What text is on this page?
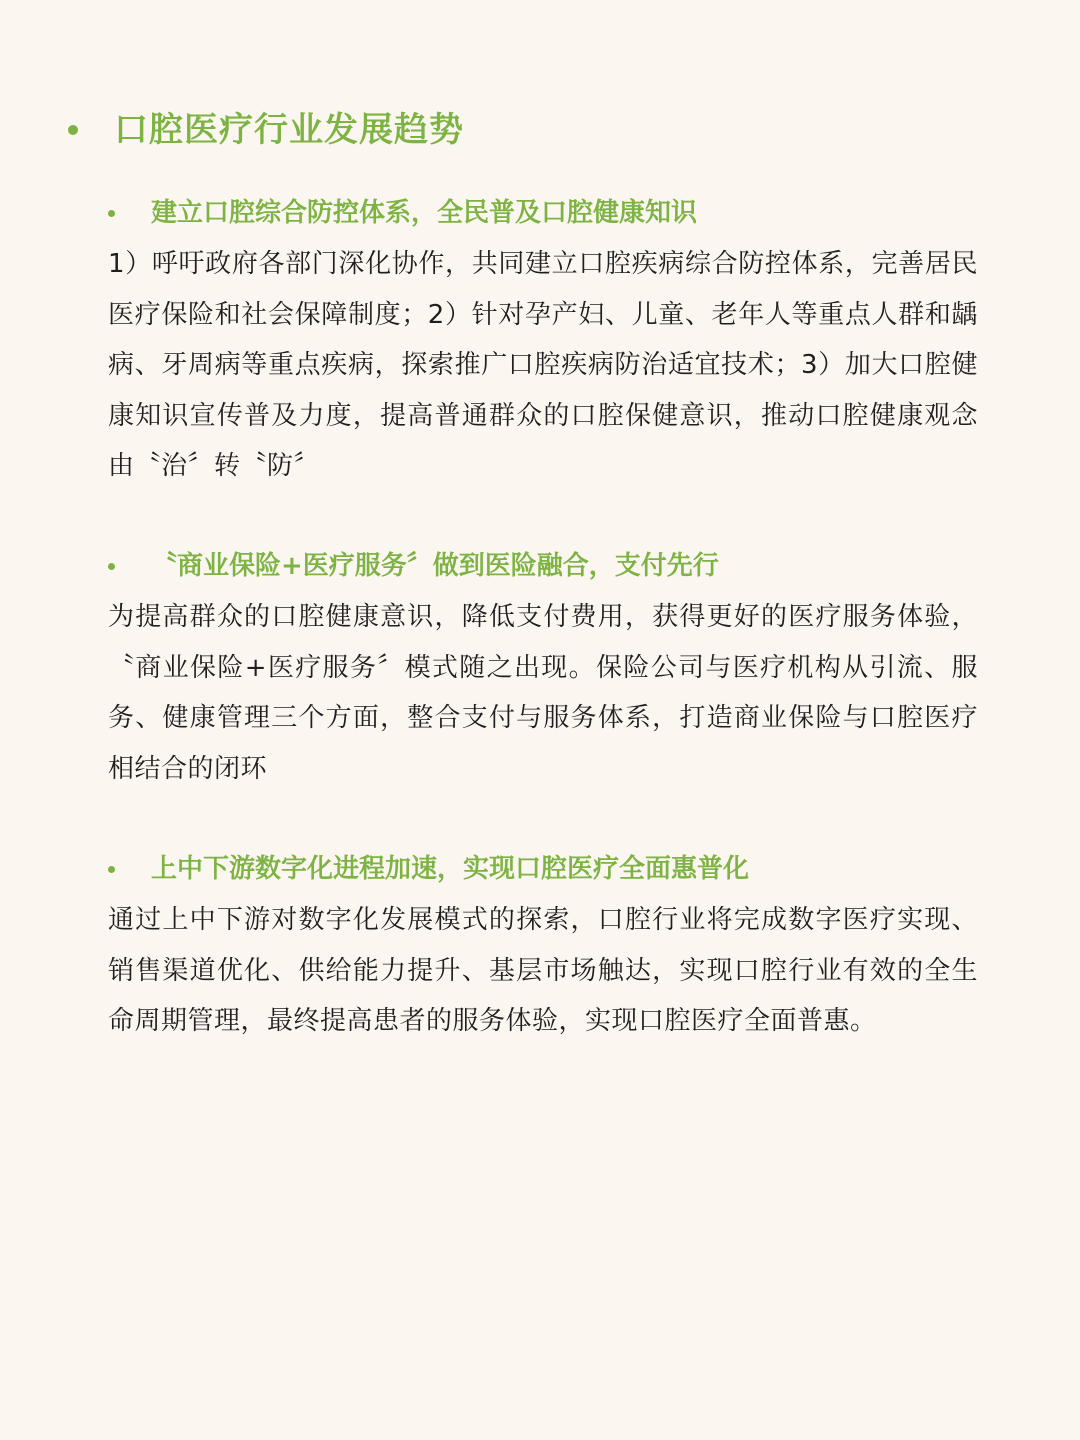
口腔医疗行业发展趋势
建立口腔综合防控体系，全民普及口腔健康知识

1）呼吁政府各部门深化协作，共同建立口腔疾病综合防控体系，完善居民医疗保险和社会保障制度；2）针对孕产妇、儿童、老年人等重点人群和龋病、牙周病等重点疾病，探索推广口腔疾病防治适宜技术；3）加大口腔健康知识宣传普及力度，提高普通群众的口腔保健意识，推动口腔健康观念由〝治〞转〝防〞

〝商业保险+医疗服务〞做到医险融合，支付先行

为提高群众的口腔健康意识，降低支付费用，获得更好的医疗服务体验，〝商业保险+医疗服务〞模式随之出现。保险公司与医疗机构从引流、服务、健康管理三个方面，整合支付与服务体系，打造商业保险与口腔医疗相结合的闭环

上中下游数字化进程加速，实现口腔医疗全面惠普化

通过上中下游对数字化发展模式的探索，口腔行业将完成数字医疗实现、销售渠道优化、供给能力提升、基层市场触达，实现口腔行业有效的全生命周期管理，最终提高患者的服务体验，实现口腔医疗全面普惠。
